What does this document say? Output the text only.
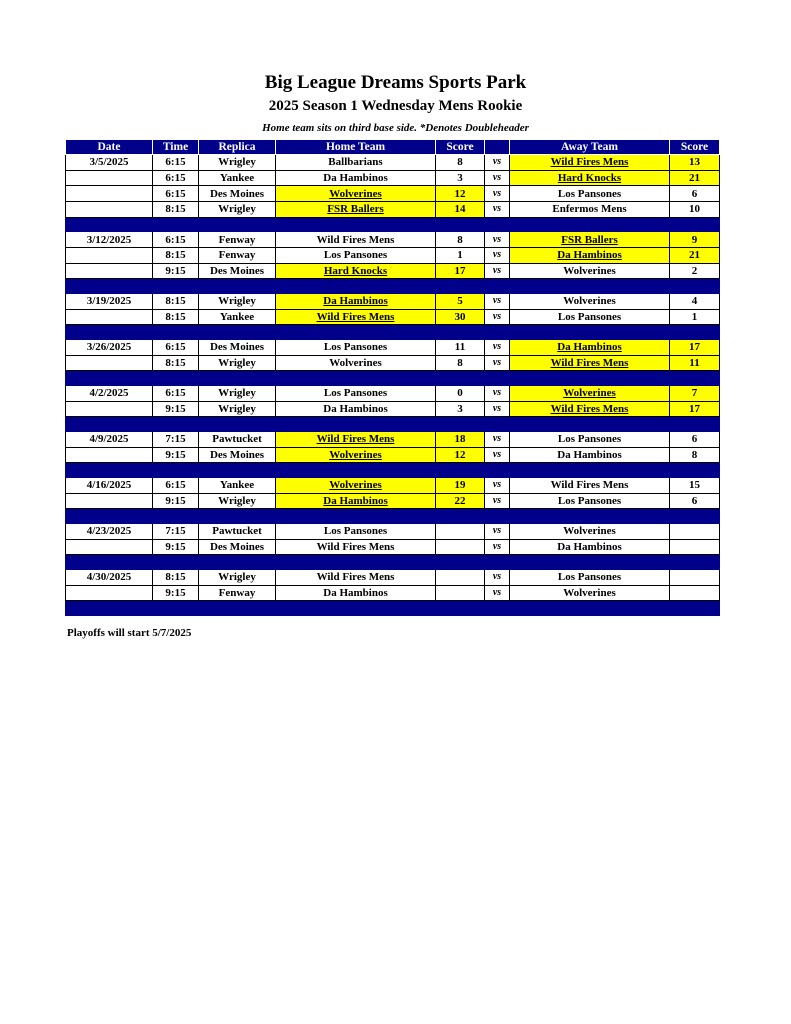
Big League Dreams Sports Park
2025 Season 1 Wednesday Mens Rookie
Home team sits on third base side. *Denotes Doubleheader
Date	Time	Replica	Home Team	Score		Away Team	Score
3/5/2025	6:15	Wrigley	Ballbarians	8	vs	Wild Fires Mens	13
	6:15	Yankee	Da Hambinos	3	vs	Hard Knocks	21
	6:15	Des Moines	Wolverines	12	vs	Los Pansones	6
	8:15	Wrigley	FSR Ballers	14	vs	Enfermos Mens	10

3/12/2025	6:15	Fenway	Wild Fires Mens	8	vs	FSR Ballers	9
	8:15	Fenway	Los Pansones	1	vs	Da Hambinos	21
	9:15	Des Moines	Hard Knocks	17	vs	Wolverines	2

3/19/2025	8:15	Wrigley	Da Hambinos	5	vs	Wolverines	4
	8:15	Yankee	Wild Fires Mens	30	vs	Los Pansones	1

3/26/2025	6:15	Des Moines	Los Pansones	11	vs	Da Hambinos	17
	8:15	Wrigley	Wolverines	8	vs	Wild Fires Mens	11

4/2/2025	6:15	Wrigley	Los Pansones	0	vs	Wolverines	7
	9:15	Wrigley	Da Hambinos	3	vs	Wild Fires Mens	17

4/9/2025	7:15	Pawtucket	Wild Fires Mens	18	vs	Los Pansones	6
	9:15	Des Moines	Wolverines	12	vs	Da Hambinos	8

4/16/2025	6:15	Yankee	Wolverines	19	vs	Wild Fires Mens	15
	9:15	Wrigley	Da Hambinos	22	vs	Los Pansones	6

4/23/2025	7:15	Pawtucket	Los Pansones		vs	Wolverines	
	9:15	Des Moines	Wild Fires Mens		vs	Da Hambinos	

4/30/2025	8:15	Wrigley	Wild Fires Mens		vs	Los Pansones	
	9:15	Fenway	Da Hambinos		vs	Wolverines	

Playoffs will start 5/7/2025
